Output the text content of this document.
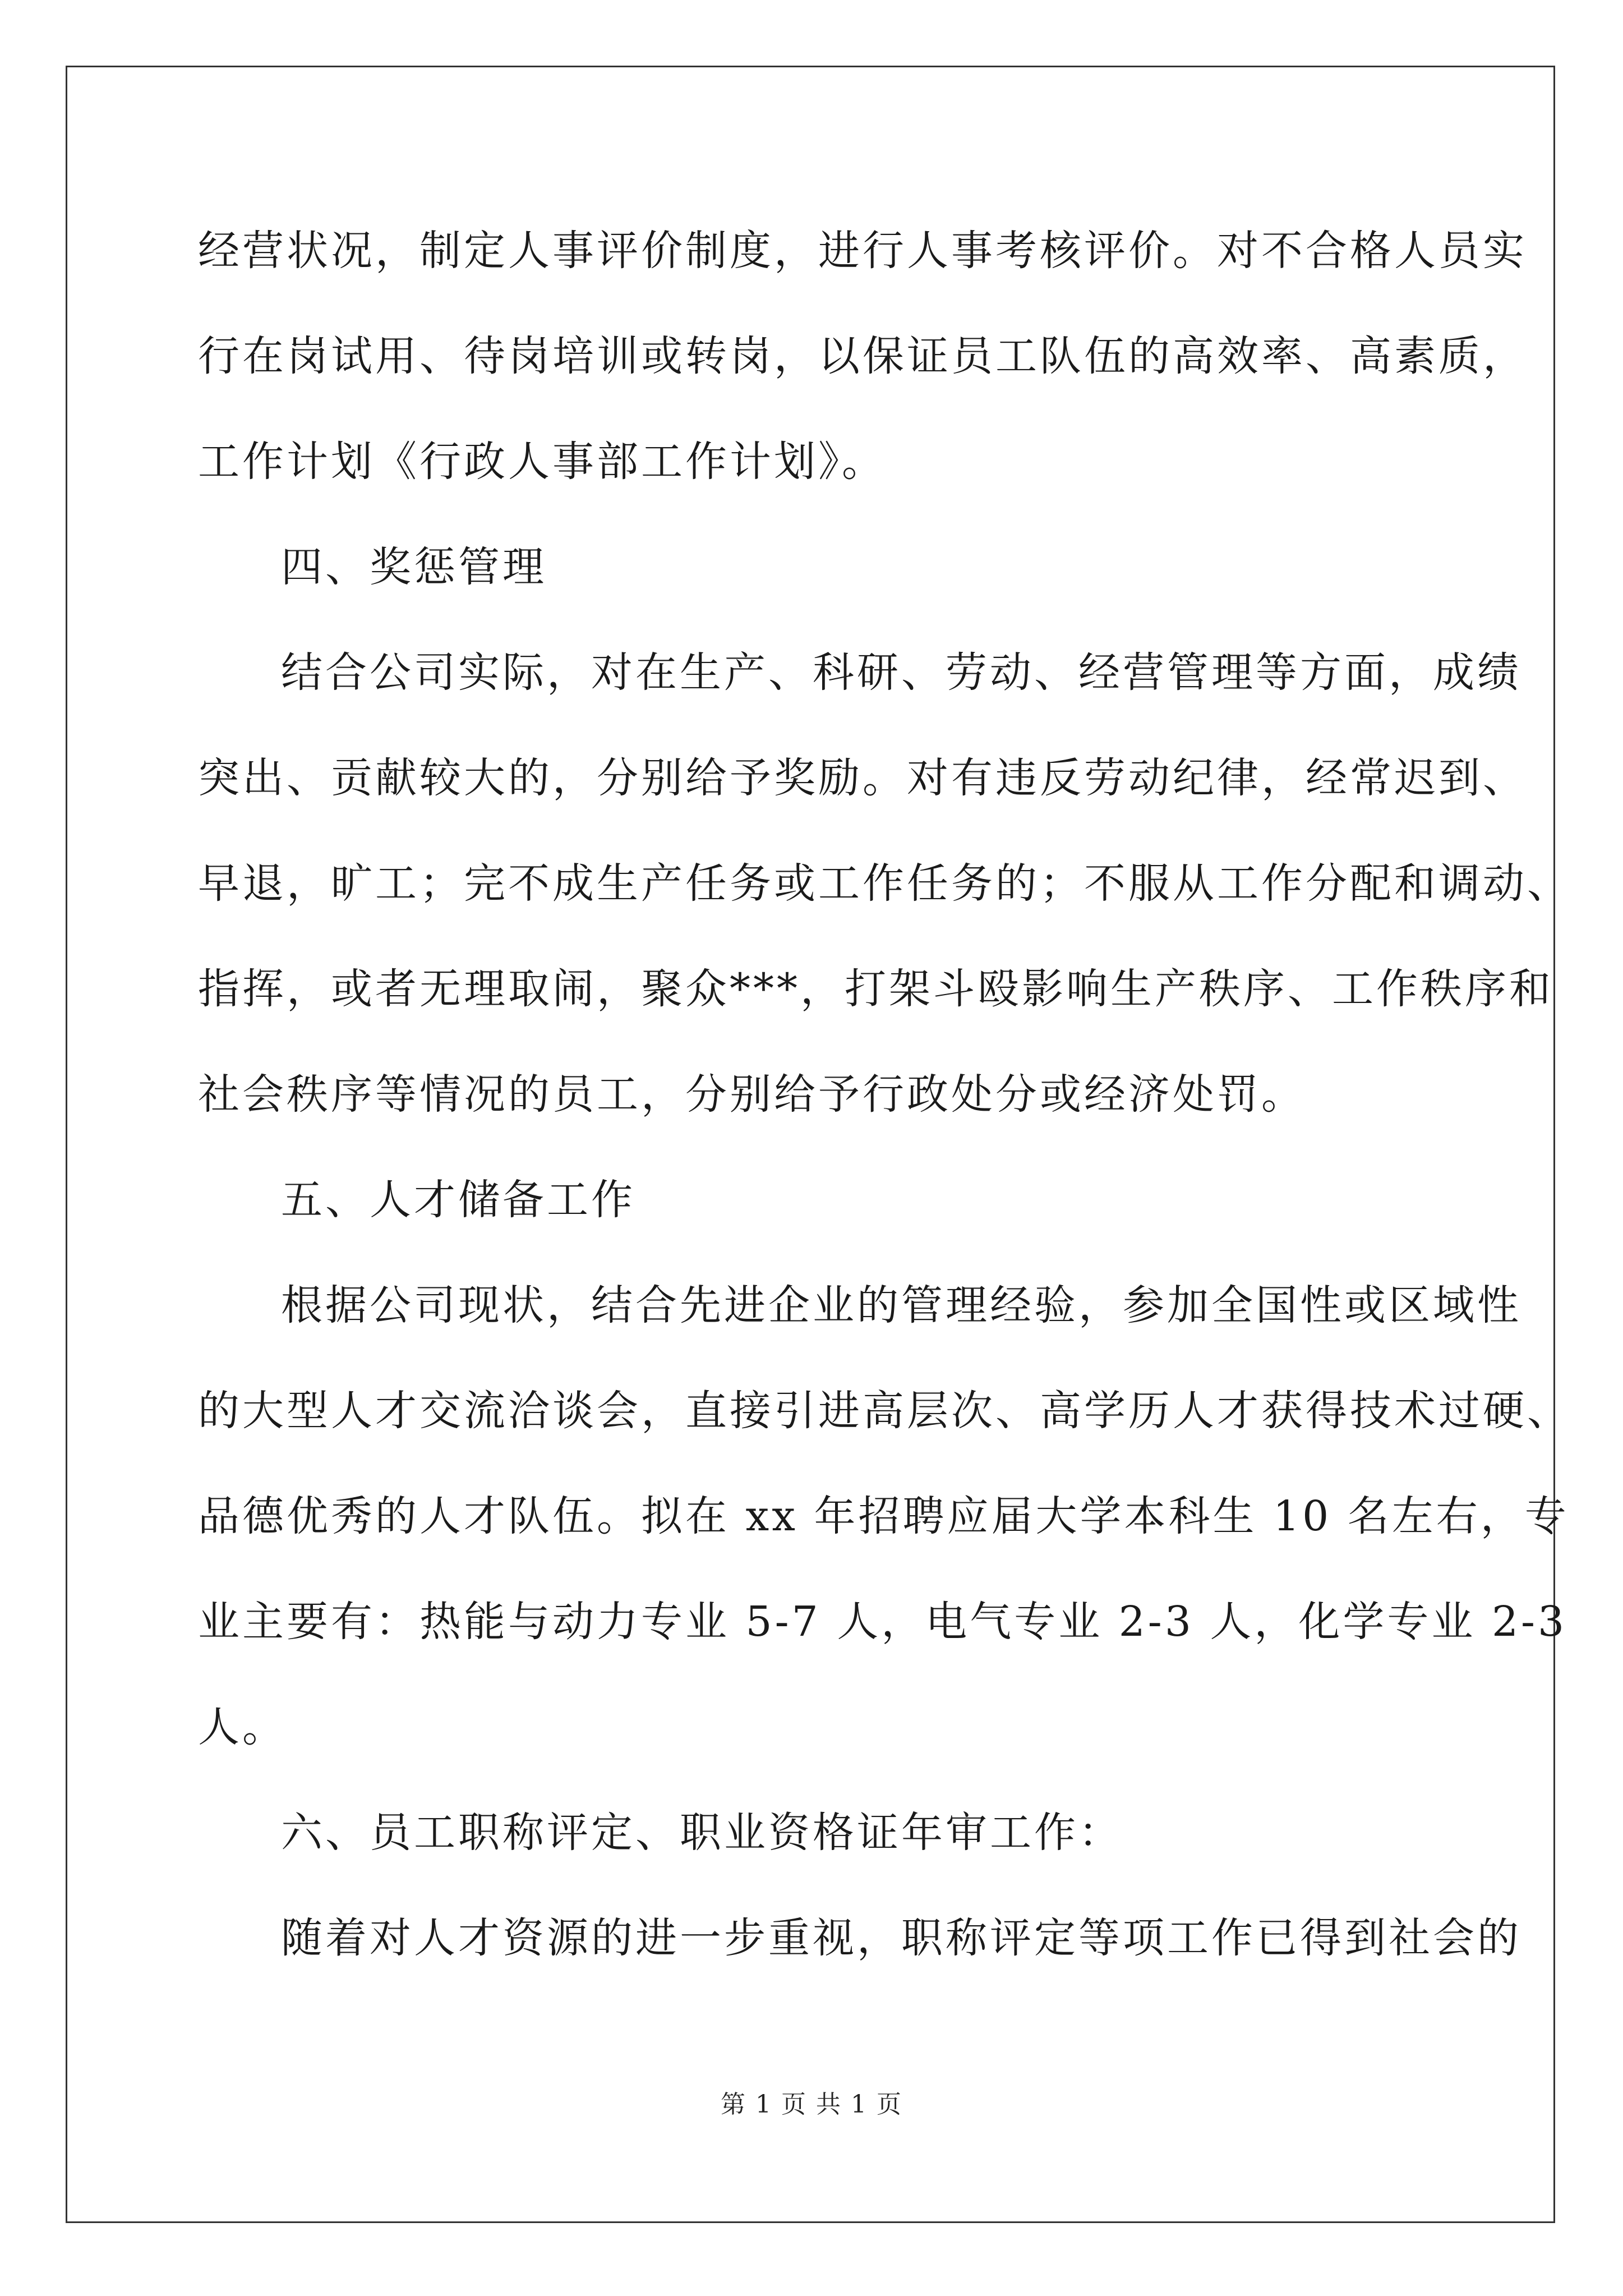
经营状况，制定人事评价制度，进行人事考核评价。对不合格人员实
行在岗试用、待岗培训或转岗，以保证员工队伍的高效率、高素质，
工作计划《行政人事部工作计划》。
四、奖惩管理
结合公司实际，对在生产、科研、劳动、经营管理等方面，成绩
突出、贡献较大的，分别给予奖励。对有违反劳动纪律，经常迟到、
早退，旷工；完不成生产任务或工作任务的；不服从工作分配和调动、
指挥，或者无理取闹，聚众***，打架斗殴影响生产秩序、工作秩序和
社会秩序等情况的员工，分别给予行政处分或经济处罚。
五、人才储备工作
根据公司现状，结合先进企业的管理经验，参加全国性或区域性
的大型人才交流洽谈会，直接引进高层次、高学历人才获得技术过硬、
品德优秀的人才队伍。拟在 xx 年招聘应届大学本科生 10 名左右，专
业主要有：热能与动力专业 5-7 人，电气专业 2-3 人，化学专业 2-3
人。
六、员工职称评定、职业资格证年审工作：
随着对人才资源的进一步重视，职称评定等项工作已得到社会的
第 1 页 共 1 页
